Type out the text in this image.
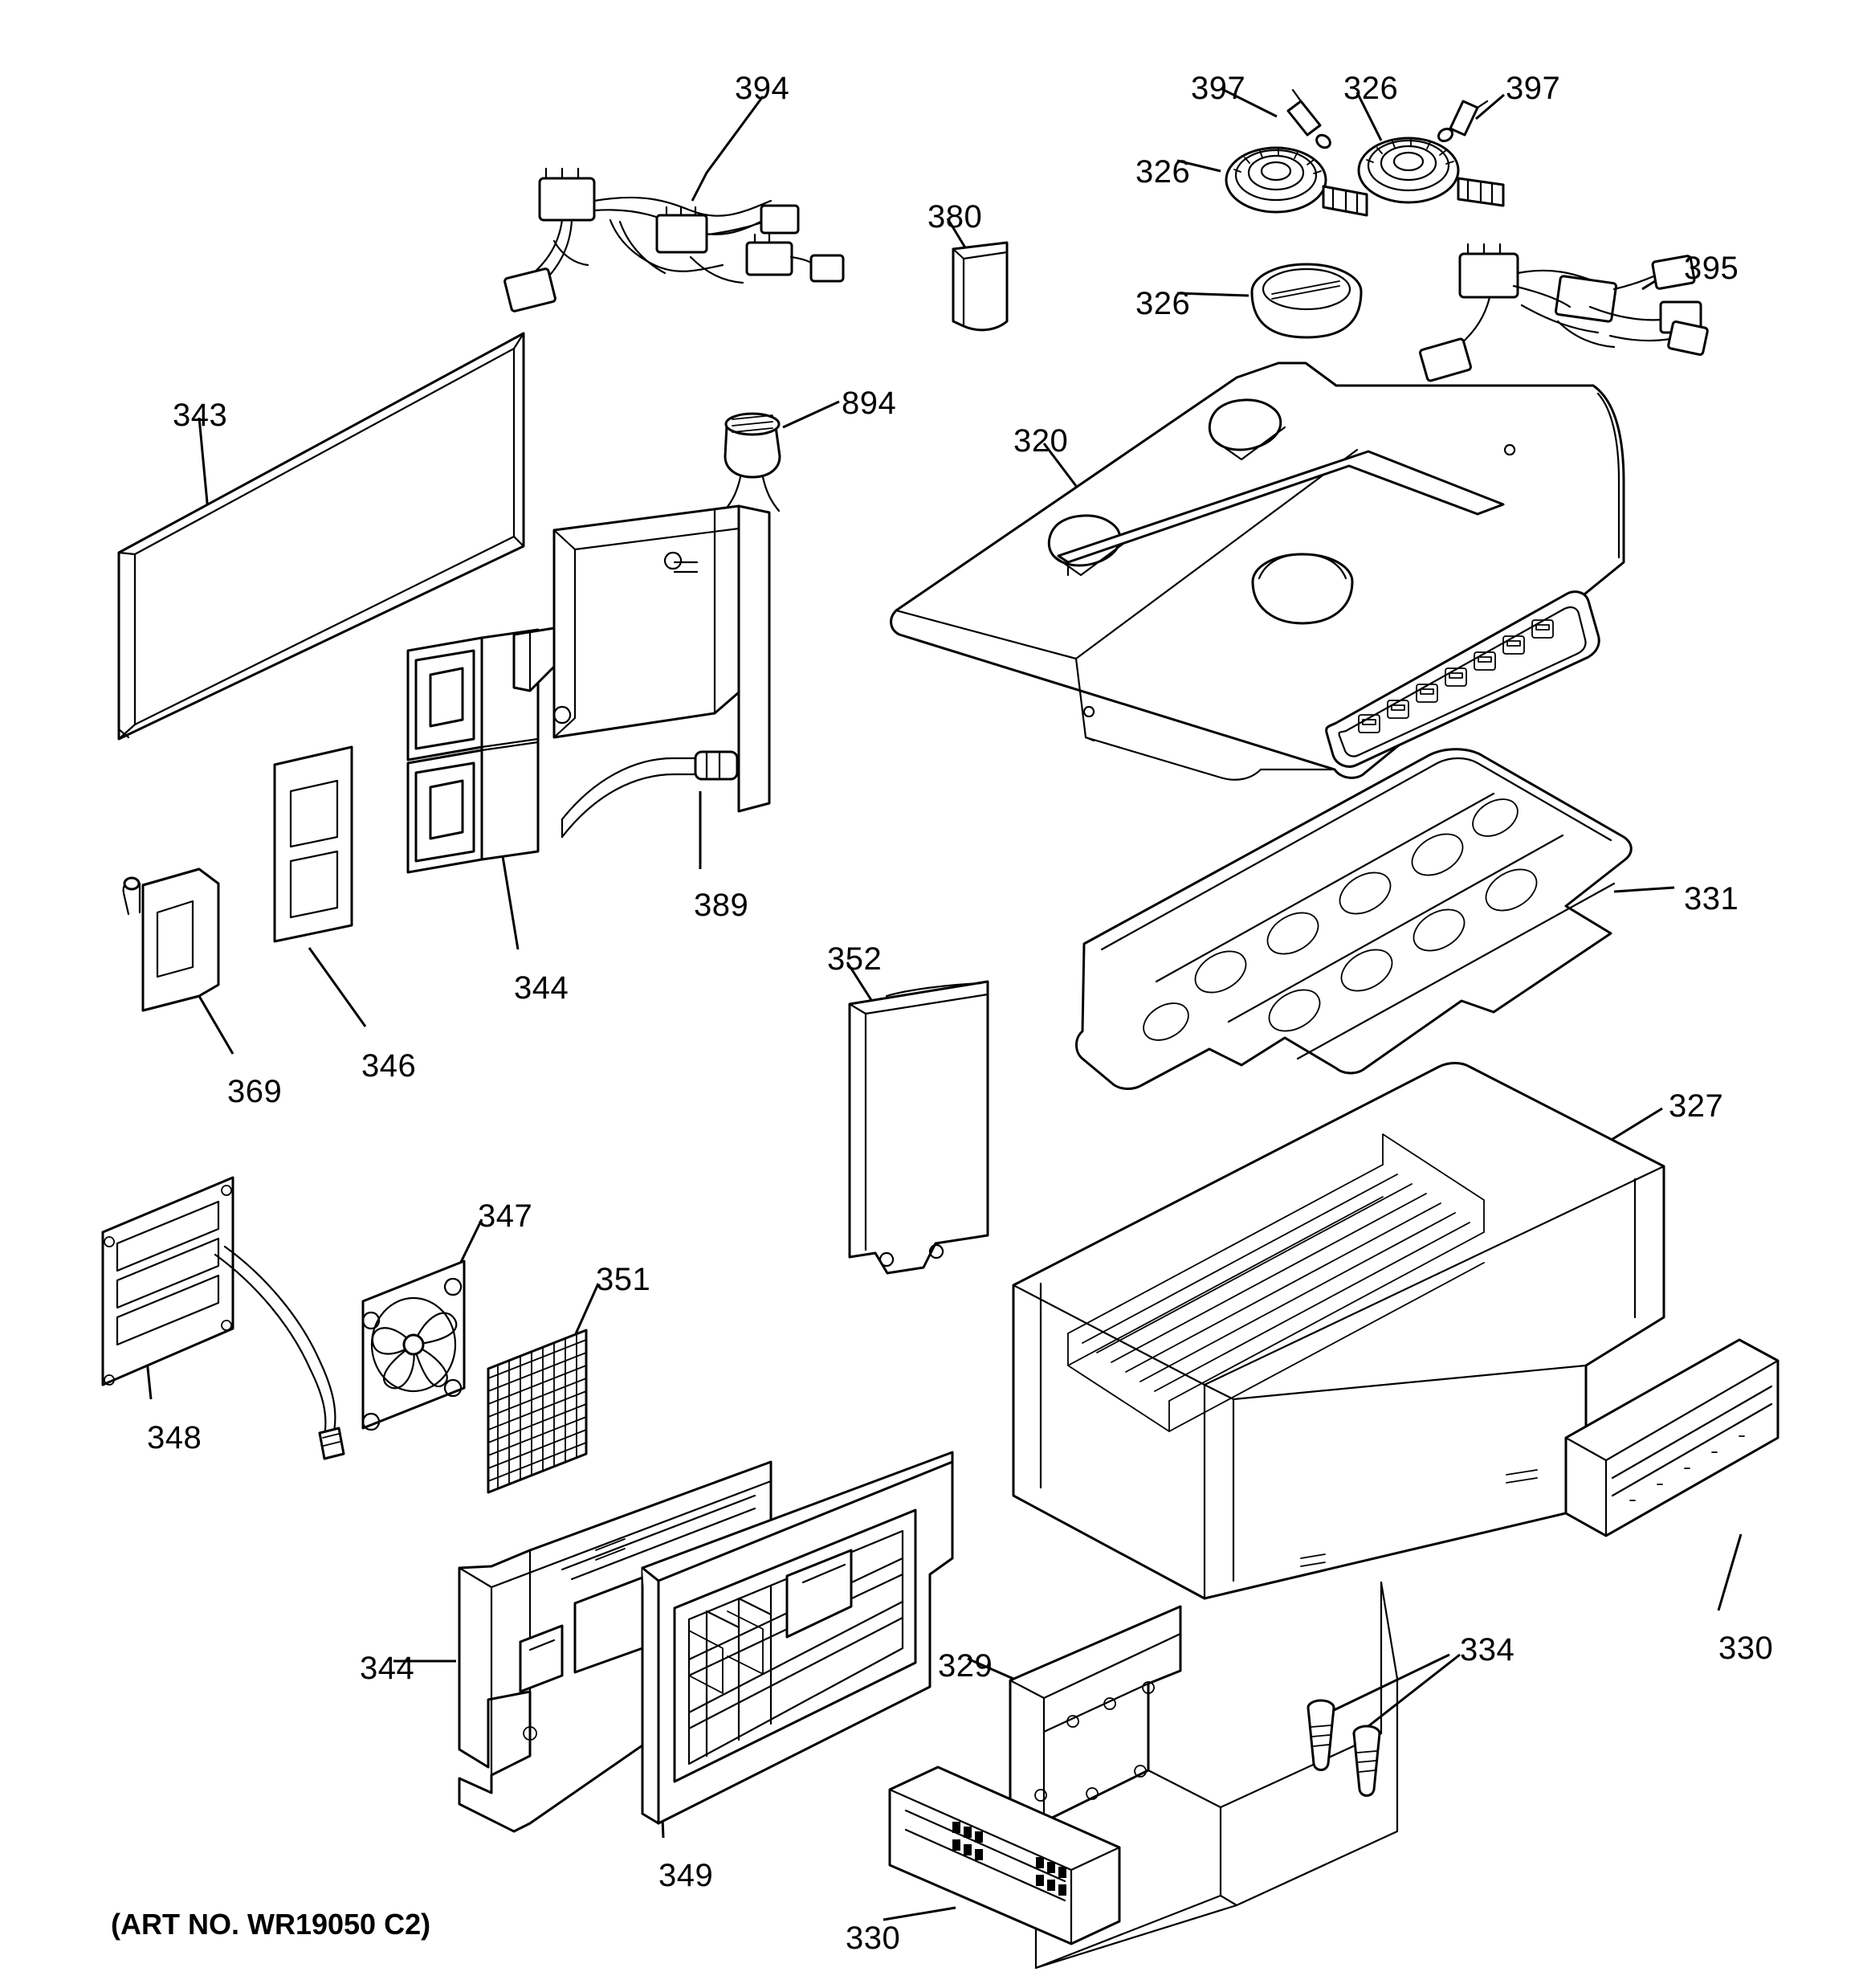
394	397	326	397
326
380
395
326
343	894
320
389	331
344
346
369
352
327
347
351
348
330
334
344	329
349
330
(ART NO. WR19050 C2)
